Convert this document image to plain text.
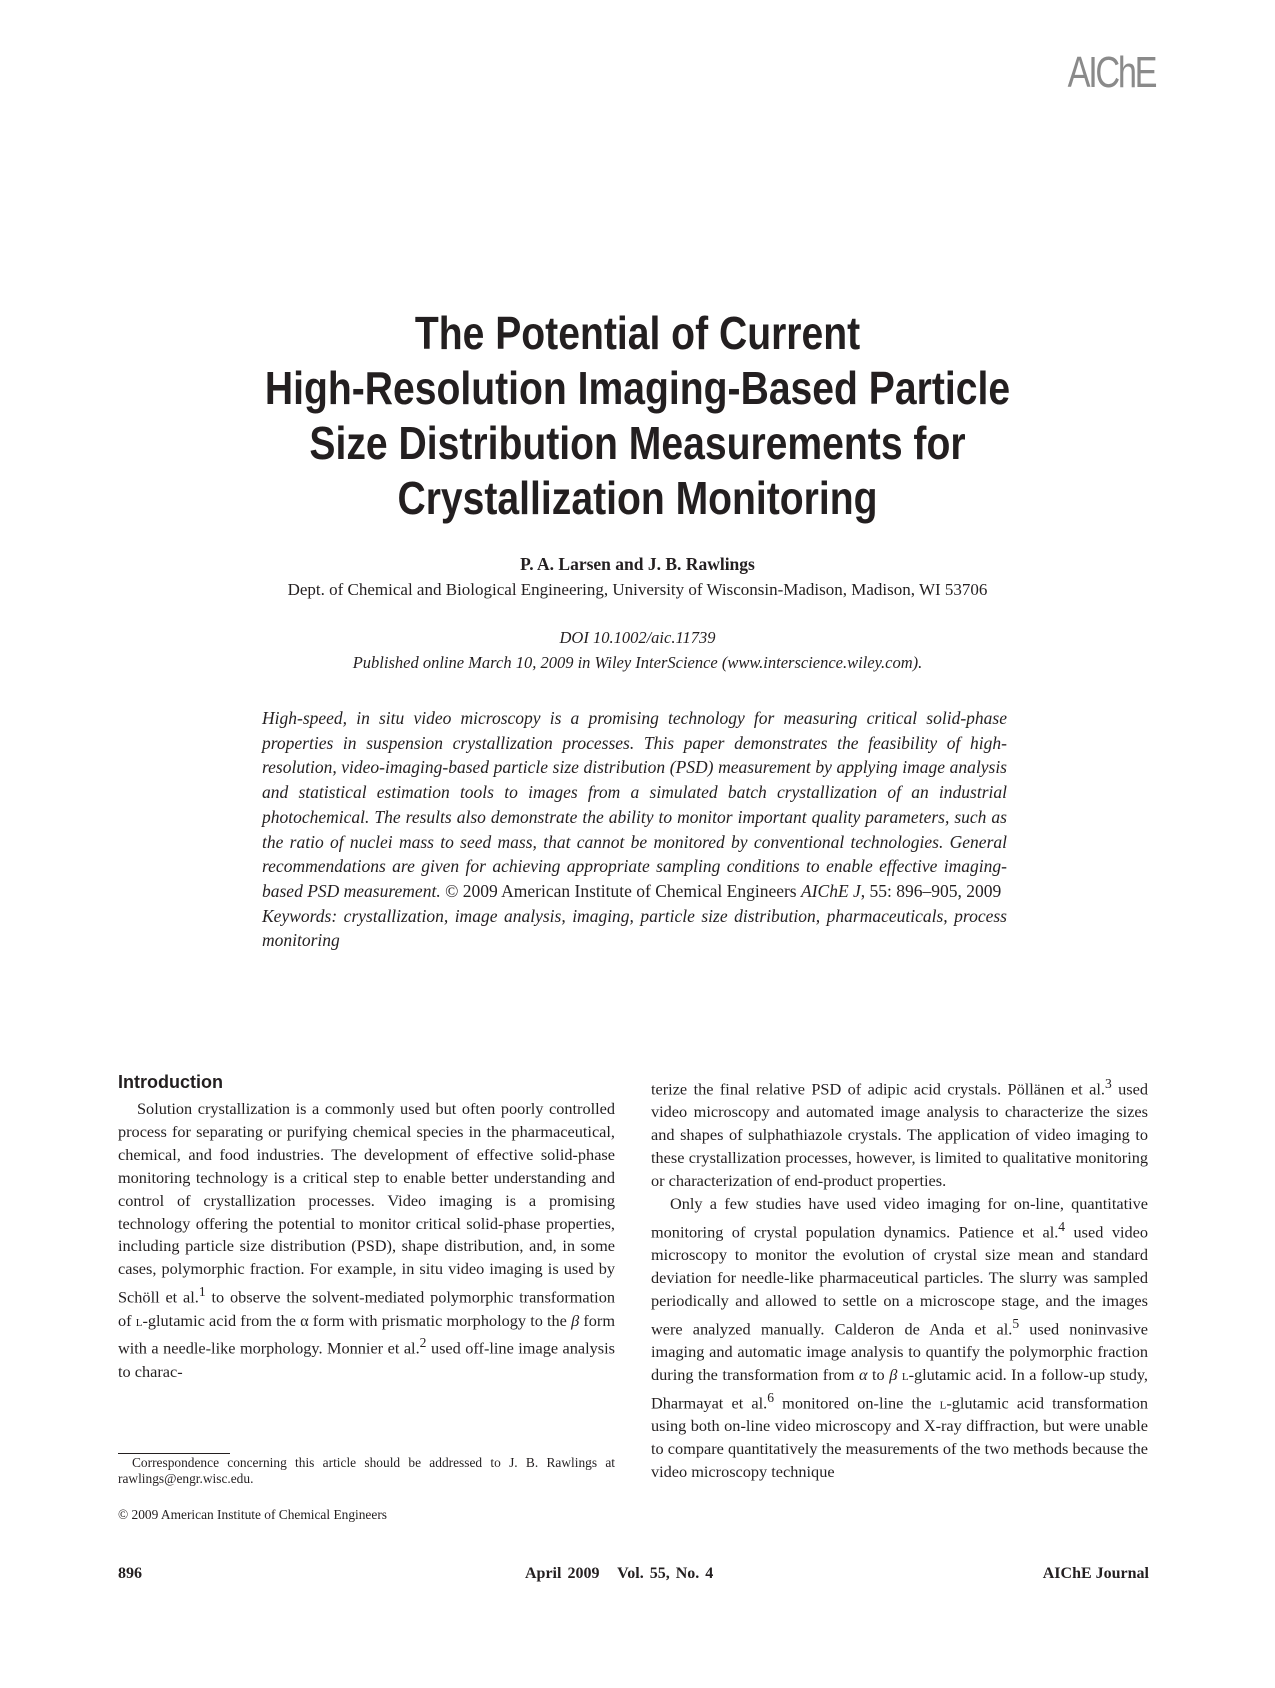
AIChE
The Potential of Current
High-Resolution Imaging-Based Particle
Size Distribution Measurements for
Crystallization Monitoring
P. A. Larsen and J. B. Rawlings
Dept. of Chemical and Biological Engineering, University of Wisconsin-Madison, Madison, WI 53706
DOI 10.1002/aic.11739
Published online March 10, 2009 in Wiley InterScience (www.interscience.wiley.com).
High-speed, in situ video microscopy is a promising technology for measuring critical solid-phase properties in suspension crystallization processes. This paper demonstrates the feasibility of high-resolution, video-imaging-based particle size distribution (PSD) measurement by applying image analysis and statistical estimation tools to images from a simulated batch crystallization of an industrial photochemical. The results also demonstrate the ability to monitor important quality parameters, such as the ratio of nuclei mass to seed mass, that cannot be monitored by conventional technologies. General recommendations are given for achieving appropriate sampling conditions to enable effective imaging-based PSD measurement. © 2009 American Institute of Chemical Engineers AIChE J, 55: 896–905, 2009
Keywords: crystallization, image analysis, imaging, particle size distribution, pharmaceuticals, process monitoring
Introduction

Solution crystallization is a commonly used but often poorly controlled process for separating or purifying chemical species in the pharmaceutical, chemical, and food industries. The development of effective solid-phase monitoring technology is a critical step to enable better understanding and control of crystallization processes. Video imaging is a promising technology offering the potential to monitor critical solid-phase properties, including particle size distribution (PSD), shape distribution, and, in some cases, polymorphic fraction. For example, in situ video imaging is used by Schöll et al.$^1$ to observe the solvent-mediated polymorphic transformation of l-glutamic acid from the α form with prismatic morphology to the β form with a needle-like morphology. Monnier et al.$^2$ used off-line image analysis to charac-

terize the final relative PSD of adipic acid crystals. Pöllänen et al.$^3$ used video microscopy and automated image analysis to characterize the sizes and shapes of sulphathiazole crystals. The application of video imaging to these crystallization processes, however, is limited to qualitative monitoring or characterization of end-product properties.

Only a few studies have used video imaging for on-line, quantitative monitoring of crystal population dynamics. Patience et al.$^4$ used video microscopy to monitor the evolution of crystal size mean and standard deviation for needle-like pharmaceutical particles. The slurry was sampled periodically and allowed to settle on a microscope stage, and the images were analyzed manually. Calderon de Anda et al.$^5$ used noninvasive imaging and automatic image analysis to quantify the polymorphic fraction during the transformation from α to β l-glutamic acid. In a follow-up study, Dharmayat et al.$^6$ monitored on-line the l-glutamic acid transformation using both on-line video microscopy and X-ray diffraction, but were unable to compare quantitatively the measurements of the two methods because the video microscopy technique

Correspondence concerning this article should be addressed to J. B. Rawlings at rawlings@engr.wisc.edu.
© 2009 American Institute of Chemical Engineers
896	April 2009   Vol. 55, No. 4	AIChE Journal
